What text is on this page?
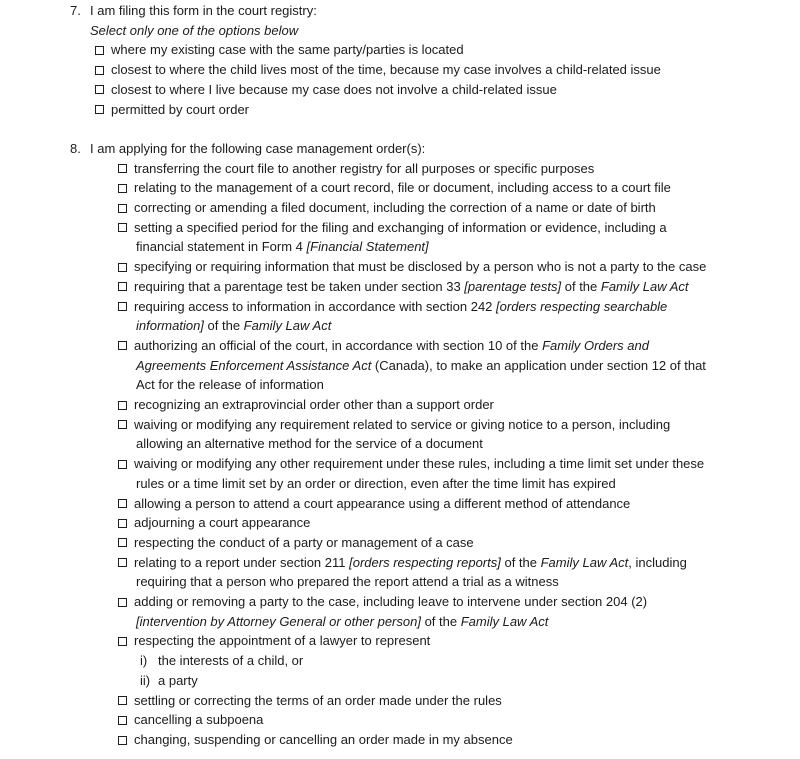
7. I am filing this form in the court registry:
Select only one of the options below
where my existing case with the same party/parties is located
closest to where the child lives most of the time, because my case involves a child-related issue
closest to where I live because my case does not involve a child-related issue
permitted by court order
8. I am applying for the following case management order(s):
transferring the court file to another registry for all purposes or specific purposes
relating to the management of a court record, file or document, including access to a court file
correcting or amending a filed document, including the correction of a name or date of birth
setting a specified period for the filing and exchanging of information or evidence, including a
financial statement in Form 4 [Financial Statement]
specifying or requiring information that must be disclosed by a person who is not a party to the case
requiring that a parentage test be taken under section 33 [parentage tests] of the Family Law Act
requiring access to information in accordance with section 242 [orders respecting searchable
information] of the Family Law Act
authorizing an official of the court, in accordance with section 10 of the Family Orders and
Agreements Enforcement Assistance Act (Canada), to make an application under section 12 of that
Act for the release of information
recognizing an extraprovincial order other than a support order
waiving or modifying any requirement related to service or giving notice to a person, including
allowing an alternative method for the service of a document
waiving or modifying any other requirement under these rules, including a time limit set under these
rules or a time limit set by an order or direction, even after the time limit has expired
allowing a person to attend a court appearance using a different method of attendance
adjourning a court appearance
respecting the conduct of a party or management of a case
relating to a report under section 211 [orders respecting reports] of the Family Law Act, including
requiring that a person who prepared the report attend a trial as a witness
adding or removing a party to the case, including leave to intervene under section 204 (2)
[intervention by Attorney General or other person] of the Family Law Act
respecting the appointment of a lawyer to represent
i) the interests of a child, or
ii) a party
settling or correcting the terms of an order made under the rules
cancelling a subpoena
changing, suspending or cancelling an order made in my absence
